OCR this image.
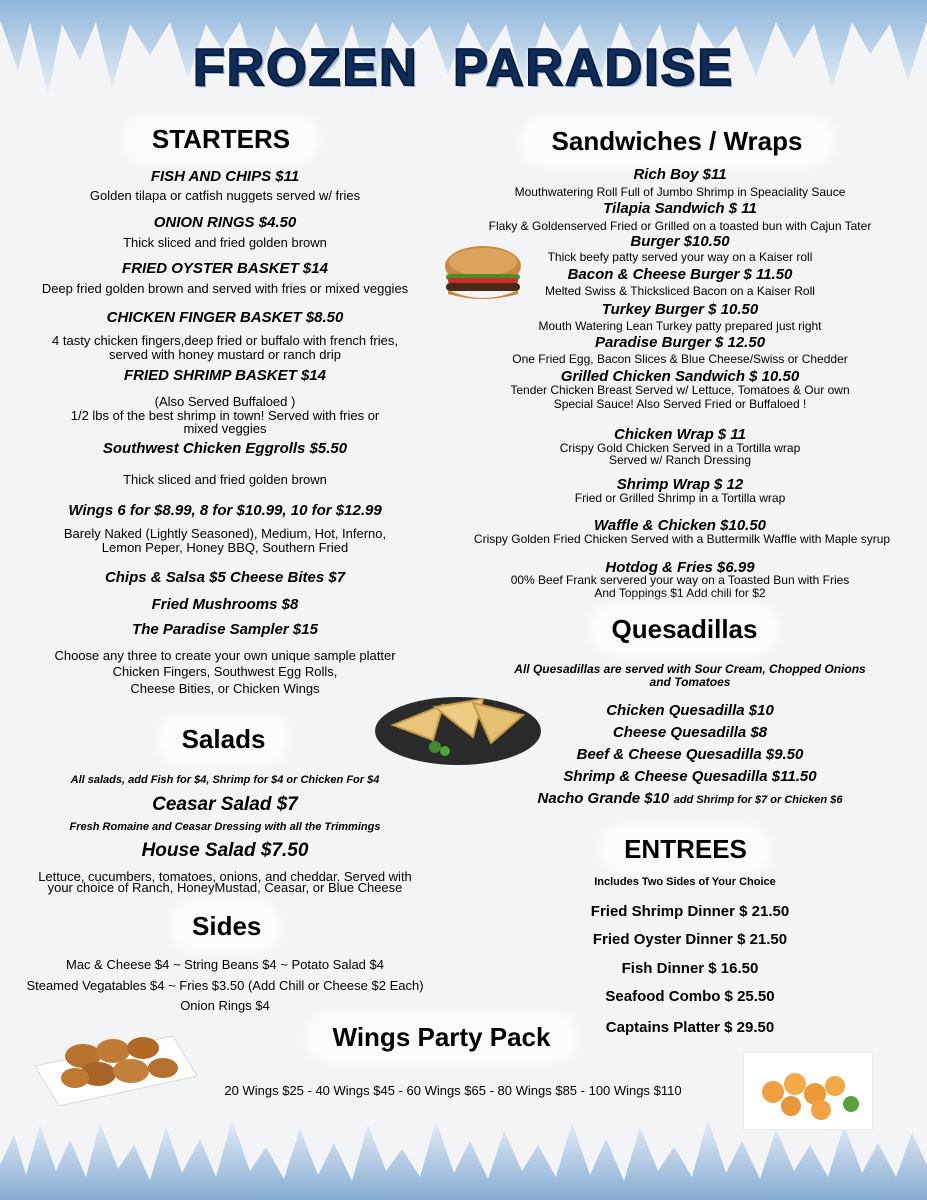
FROZEN PARADISE
STARTERS
FISH AND CHIPS $11
Golden tilapa or catfish nuggets served w/ fries
ONION RINGS $4.50
Thick sliced and fried golden brown
FRIED OYSTER BASKET $14
Deep fried golden brown and served with fries or mixed veggies
CHICKEN FINGER BASKET $8.50
4 tasty chicken fingers,deep fried or buffalo with french fries,
served with honey mustard or ranch drip
FRIED SHRIMP BASKET $14
(Also Served Buffaloed )
1/2 lbs of the best shrimp in town! Served with fries or
mixed veggies
Southwest Chicken Eggrolls $5.50
Thick sliced and fried golden brown
Wings 6 for $8.99, 8 for $10.99, 10 for $12.99
Barely Naked (Lightly Seasoned), Medium, Hot, Inferno,
Lemon Peper, Honey BBQ, Southern Fried
Chips & Salsa $5 Cheese Bites $7
Fried Mushrooms $8
The Paradise Sampler $15
Choose any three to create your own unique sample platter
Chicken Fingers, Southwest Egg Rolls,
Cheese Bities, or Chicken Wings
Salads
All salads, add Fish for $4, Shrimp for $4 or Chicken For $4
Ceasar Salad $7
Fresh Romaine and Ceasar Dressing with all the Trimmings
House Salad $7.50
Lettuce, cucumbers, tomatoes, onions, and cheddar. Served with
your choice of Ranch, HoneyMustad, Ceasar, or Blue Cheese
Sides
Mac & Cheese $4 ~ String Beans $4 ~ Potato Salad $4
Steamed Vegatables $4 ~ Fries $3.50 (Add Chill or Cheese $2 Each)
Onion Rings $4
Sandwiches / Wraps
Rich Boy $11
Mouthwatering Roll Full of Jumbo Shrimp in Speaciality Sauce
Tilapia Sandwich $ 11
Flaky & Goldenserved Fried or Grilled on a toasted bun with Cajun Tater
Burger $10.50
Thick beefy patty served your way on a Kaiser roll
Bacon & Cheese Burger $ 11.50
Melted Swiss & Thicksliced Bacon on a Kaiser Roll
Turkey Burger $ 10.50
Mouth Watering Lean Turkey patty prepared just right
Paradise Burger $ 12.50
One Fried Egg, Bacon Slices & Blue Cheese/Swiss or Chedder
Grilled Chicken Sandwich $ 10.50
Tender Chicken Breast Served w/ Lettuce, Tomatoes & Our own
Special Sauce! Also Served Fried or Buffaloed !
Chicken Wrap $ 11
Crispy Gold Chicken Served in a Tortilla wrap
Served w/ Ranch Dressing
Shrimp Wrap $ 12
Fried or Grilled Shrimp in a Tortilla wrap
Waffle & Chicken $10.50
Crispy Golden Fried Chicken Served with a Buttermilk Waffle with Maple syrup
Hotdog & Fries $6.99
00% Beef Frank servered your way on a Toasted Bun with Fries
And Toppings $1 Add chili for $2
Quesadillas
All Quesadillas are served with Sour Cream, Chopped Onions
and Tomatoes
Chicken Quesadilla $10
Cheese Quesadilla $8
Beef & Cheese Quesadilla $9.50
Shrimp & Cheese Quesadilla $11.50
Nacho Grande $10 add Shrimp for $7 or Chicken $6
ENTREES
Includes Two Sides of Your Choice
Fried Shrimp Dinner $ 21.50
Fried Oyster Dinner $ 21.50
Fish Dinner $ 16.50
Seafood Combo $ 25.50
Captains Platter $ 29.50
Wings Party Pack
20 Wings $25 - 40 Wings $45 - 60 Wings $65 - 80 Wings $85 - 100 Wings $110
